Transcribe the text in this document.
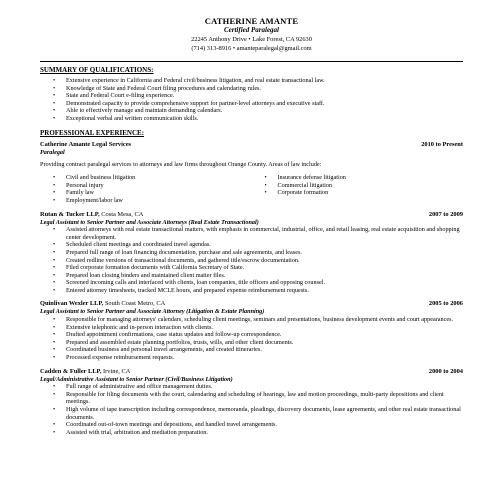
CATHERINE AMANTE
Certified Paralegal
22245 Anthony Drive • Lake Forest, CA 92630
(714) 313-8916 • amanteparalegal@gmail.com
SUMMARY OF QUALIFICATIONS:
• Extensive experience in California and Federal civil/business litigation, and real estate transactional law.
• Knowledge of State and Federal Court filing procedures and calendaring rules.
• State and Federal Court e-filing experience.
• Demonstrated capacity to provide comprehensive support for partner-level attorneys and executive staff.
• Able to effectively manage and maintain demanding calendars.
• Exceptional verbal and written communication skills.
PROFESSIONAL EXPERIENCE:
Catherine Amante Legal Services	2010 to Present
Paralegal
Providing contract paralegal services to attorneys and law firms throughout Orange County. Areas of law include:
• Civil and business litigation
• Personal injury
• Family law
• Employment/labor law
• Insurance defense litigation
• Commercial litigation
• Corporate formation
Rutan & Tucker LLP, Costa Mesa, CA	2007 to 2009
Legal Assistant to Senior Partner and Associate Attorneys (Real Estate Transactional)
• Assisted attorneys with real estate transactional matters, with emphasis in commercial, industrial, office, and retail leasing, real estate acquisition and shopping center development.
• Scheduled client meetings and coordinated travel agendas.
• Prepared full range of loan financing documentation, purchase and sale agreements, and leases.
• Created redline versions of transactional documents, and gathered title/escrow documentation.
• Filed corporate formation documents with California Secretary of State.
• Prepared loan closing binders and maintained client matter files.
• Screened incoming calls and interfaced with clients, loan companies, title officers and opposing counsel.
• Entered attorney timesheets, tracked MCLE hours, and prepared expense reimbursement requests.
Quinlivan Wexler LLP, South Coast Metro, CA	2005 to 2006
Legal Assistant to Senior Partner and Associate Attorney (Litigation & Estate Planning)
• Responsible for managing attorneys' calendars, scheduling client meetings, seminars and presentations, business development events and court appearances.
• Extensive telephonic and in-person interaction with clients.
• Drafted appointment confirmations, case status updates and follow-up correspondence.
• Prepared and assembled estate planning portfolios, trusts, wills, and other client documents.
• Coordinated business and personal travel arrangements, and created itineraries.
• Processed expense reimbursement requests.
Cadden & Fuller LLP, Irvine, CA	2000 to 2004
Legal/Administrative Assistant to Senior Partner (Civil/Business Litigation)
• Full range of administrative and office management duties.
• Responsible for filing documents with the court, calendaring and scheduling of hearings, law and motion proceedings, multi-party depositions and client meetings.
• High volume of tape transcription including correspondence, memoranda, pleadings, discovery documents, lease agreements, and other real estate transactional documents.
• Coordinated out-of-town meetings and depositions, and handled travel arrangements.
• Assisted with trial, arbitration and mediation preparation.
